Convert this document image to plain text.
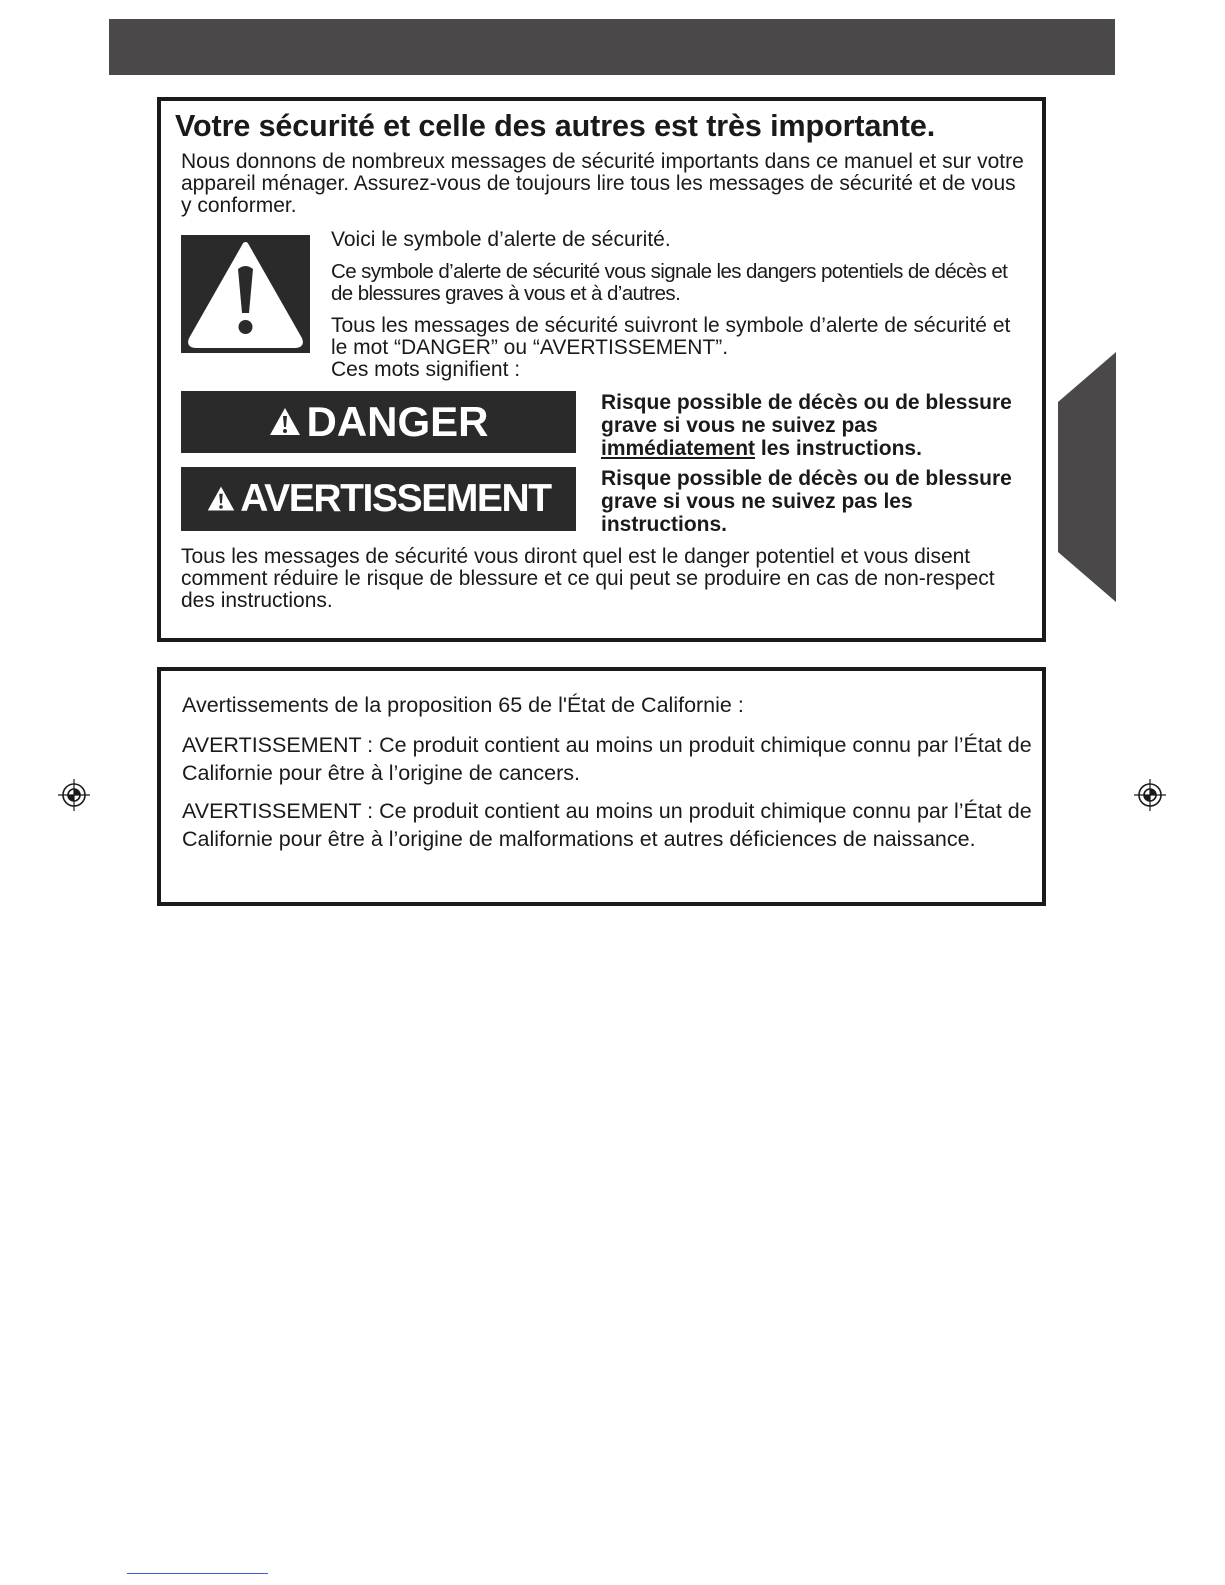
Votre sécurité et celle des autres est très importante.

Nous donnons de nombreux messages de sécurité importants dans ce manuel et sur votre appareil ménager. Assurez-vous de toujours lire tous les messages de sécurité et de vous y conformer.

Voici le symbole d’alerte de sécurité.

Ce symbole d’alerte de sécurité vous signale les dangers potentiels de décès et de blessures graves à vous et à d’autres.

Tous les messages de sécurité suivront le symbole d’alerte de sécurité et le mot “DANGER” ou “AVERTISSEMENT”.

Ces mots signifient :

DANGER	Risque possible de décès ou de blessure grave si vous ne suivez pas immédiatement les instructions.

AVERTISSEMENT Risque possible de décès ou de blessure grave si vous ne suivez pas les instructions.

Tous les messages de sécurité vous diront quel est le danger potentiel et vous disent comment réduire le risque de blessure et ce qui peut se produire en cas de non-respect des instructions.

Avertissements de la proposition 65 de l'État de Californie :

AVERTISSEMENT : Ce produit contient au moins un produit chimique connu par l’État de Californie pour être à l’origine de cancers.

AVERTISSEMENT : Ce produit contient au moins un produit chimique connu par l’État de Californie pour être à l’origine de malformations et autres déficiences de naissance.
